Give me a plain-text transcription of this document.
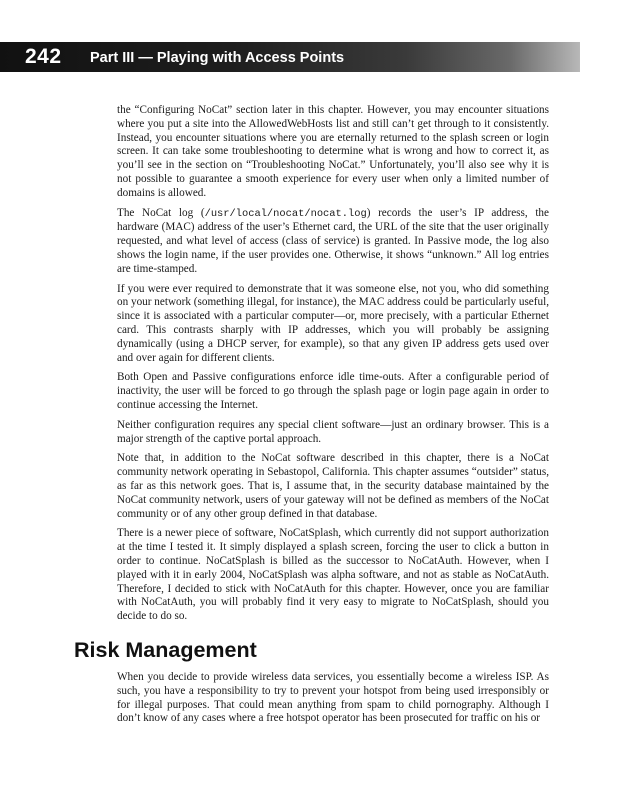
242 Part III — Playing with Access Points

the “Configuring NoCat” section later in this chapter. However, you may encounter situations where you put a site into the AllowedWebHosts list and still can’t get through to it consistently. Instead, you encounter situations where you are eternally returned to the splash screen or login screen. It can take some troubleshooting to determine what is wrong and how to correct it, as you’ll see in the section on “Troubleshooting NoCat.” Unfortunately, you’ll also see why it is not possible to guarantee a smooth experience for every user when only a limited number of domains is allowed.

The NoCat log (/usr/local/nocat/nocat.log) records the user’s IP address, the hardware (MAC) address of the user’s Ethernet card, the URL of the site that the user originally requested, and what level of access (class of service) is granted. In Passive mode, the log also shows the login name, if the user provides one. Otherwise, it shows “unknown.” All log entries are time-stamped.

If you were ever required to demonstrate that it was someone else, not you, who did something on your network (something illegal, for instance), the MAC address could be particularly useful, since it is associated with a particular computer—or, more precisely, with a particular Ethernet card. This contrasts sharply with IP addresses, which you will probably be assigning dynamically (using a DHCP server, for example), so that any given IP address gets used over and over again for different clients.

Both Open and Passive configurations enforce idle time-outs. After a configurable period of inactivity, the user will be forced to go through the splash page or login page again in order to continue accessing the Internet.

Neither configuration requires any special client software—just an ordinary browser. This is a major strength of the captive portal approach.

Note that, in addition to the NoCat software described in this chapter, there is a NoCat community network operating in Sebastopol, California. This chapter assumes “outsider” status, as far as this network goes. That is, I assume that, in the security database maintained by the NoCat community network, users of your gateway will not be defined as members of the NoCat community or of any other group defined in that database.

There is a newer piece of software, NoCatSplash, which currently did not support authorization at the time I tested it. It simply displayed a splash screen, forcing the user to click a button in order to continue. NoCatSplash is billed as the successor to NoCatAuth. However, when I played with it in early 2004, NoCatSplash was alpha software, and not as stable as NoCatAuth. Therefore, I decided to stick with NoCatAuth for this chapter. However, once you are familiar with NoCatAuth, you will probably find it very easy to migrate to NoCatSplash, should you decide to do so.

Risk Management

When you decide to provide wireless data services, you essentially become a wireless ISP. As such, you have a responsibility to try to prevent your hotspot from being used irresponsibly or for illegal purposes. That could mean anything from spam to child pornography. Although I don’t know of any cases where a free hotspot operator has been prosecuted for traffic on his or
